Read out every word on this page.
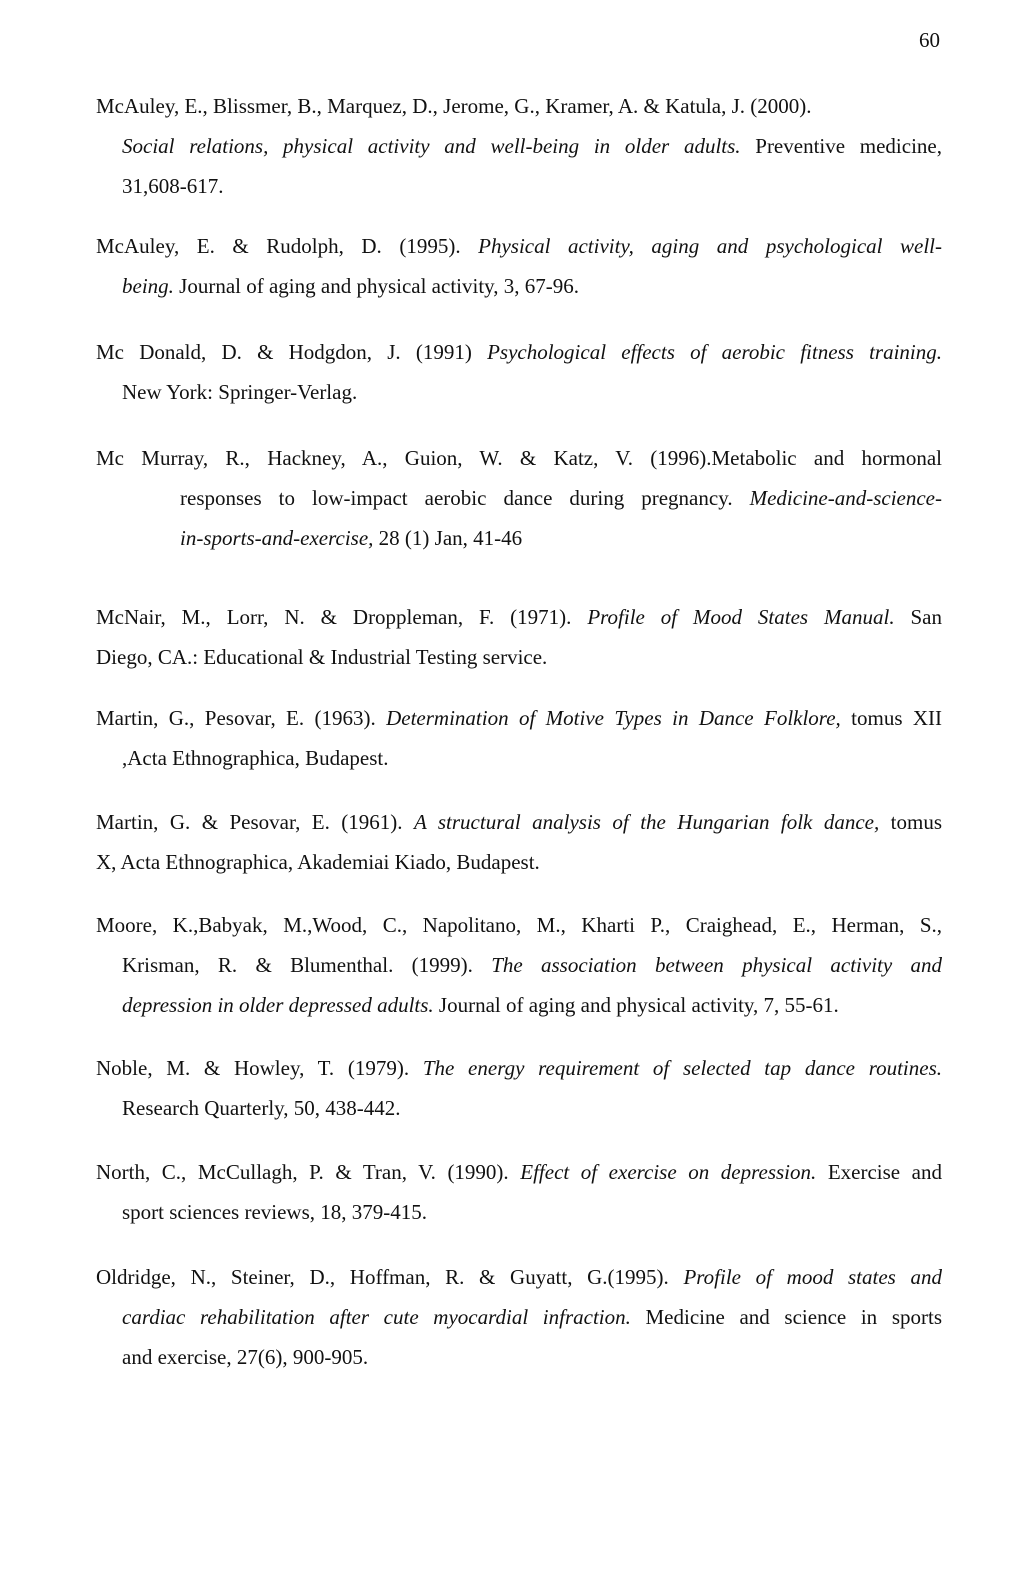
60
McAuley, E., Blissmer, B., Marquez, D., Jerome, G., Kramer, A. & Katula, J. (2000).
Social relations, physical activity and well-being in older adults. Preventive medicine,
31,608-617.
McAuley, E. & Rudolph, D. (1995). Physical activity, aging and psychological well-
being. Journal of aging and physical activity, 3, 67-96.
Mc Donald, D. & Hodgdon, J. (1991) Psychological effects of aerobic fitness training.
New York: Springer-Verlag.
Mc Murray, R., Hackney, A., Guion, W. & Katz, V. (1996).Metabolic and hormonal
responses to low-impact aerobic dance during pregnancy. Medicine-and-science-
in-sports-and-exercise, 28 (1) Jan, 41-46
McNair, M., Lorr, N. & Droppleman, F. (1971). Profile of Mood States Manual. San
Diego, CA.: Educational & Industrial Testing service.
Martin, G., Pesovar, E. (1963). Determination of Motive Types in Dance Folklore, tomus XII
,Acta Ethnographica, Budapest.
Martin, G. & Pesovar, E. (1961). A structural analysis of the Hungarian folk dance, tomus
X, Acta Ethnographica, Akademiai Kiado, Budapest.
Moore, K.,Babyak, M.,Wood, C., Napolitano, M., Kharti P., Craighead, E., Herman, S.,
Krisman, R. & Blumenthal. (1999). The association between physical activity and
depression in older depressed adults. Journal of aging and physical activity, 7, 55-61.
Noble, M. & Howley, T. (1979). The energy requirement of selected tap dance routines.
Research Quarterly, 50, 438-442.
North, C., McCullagh, P. & Tran, V. (1990). Effect of exercise on depression. Exercise and
sport sciences reviews, 18, 379-415.
Oldridge, N., Steiner, D., Hoffman, R. & Guyatt, G.(1995). Profile of mood states and
cardiac rehabilitation after cute myocardial infraction. Medicine and science in sports
and exercise, 27(6), 900-905.
